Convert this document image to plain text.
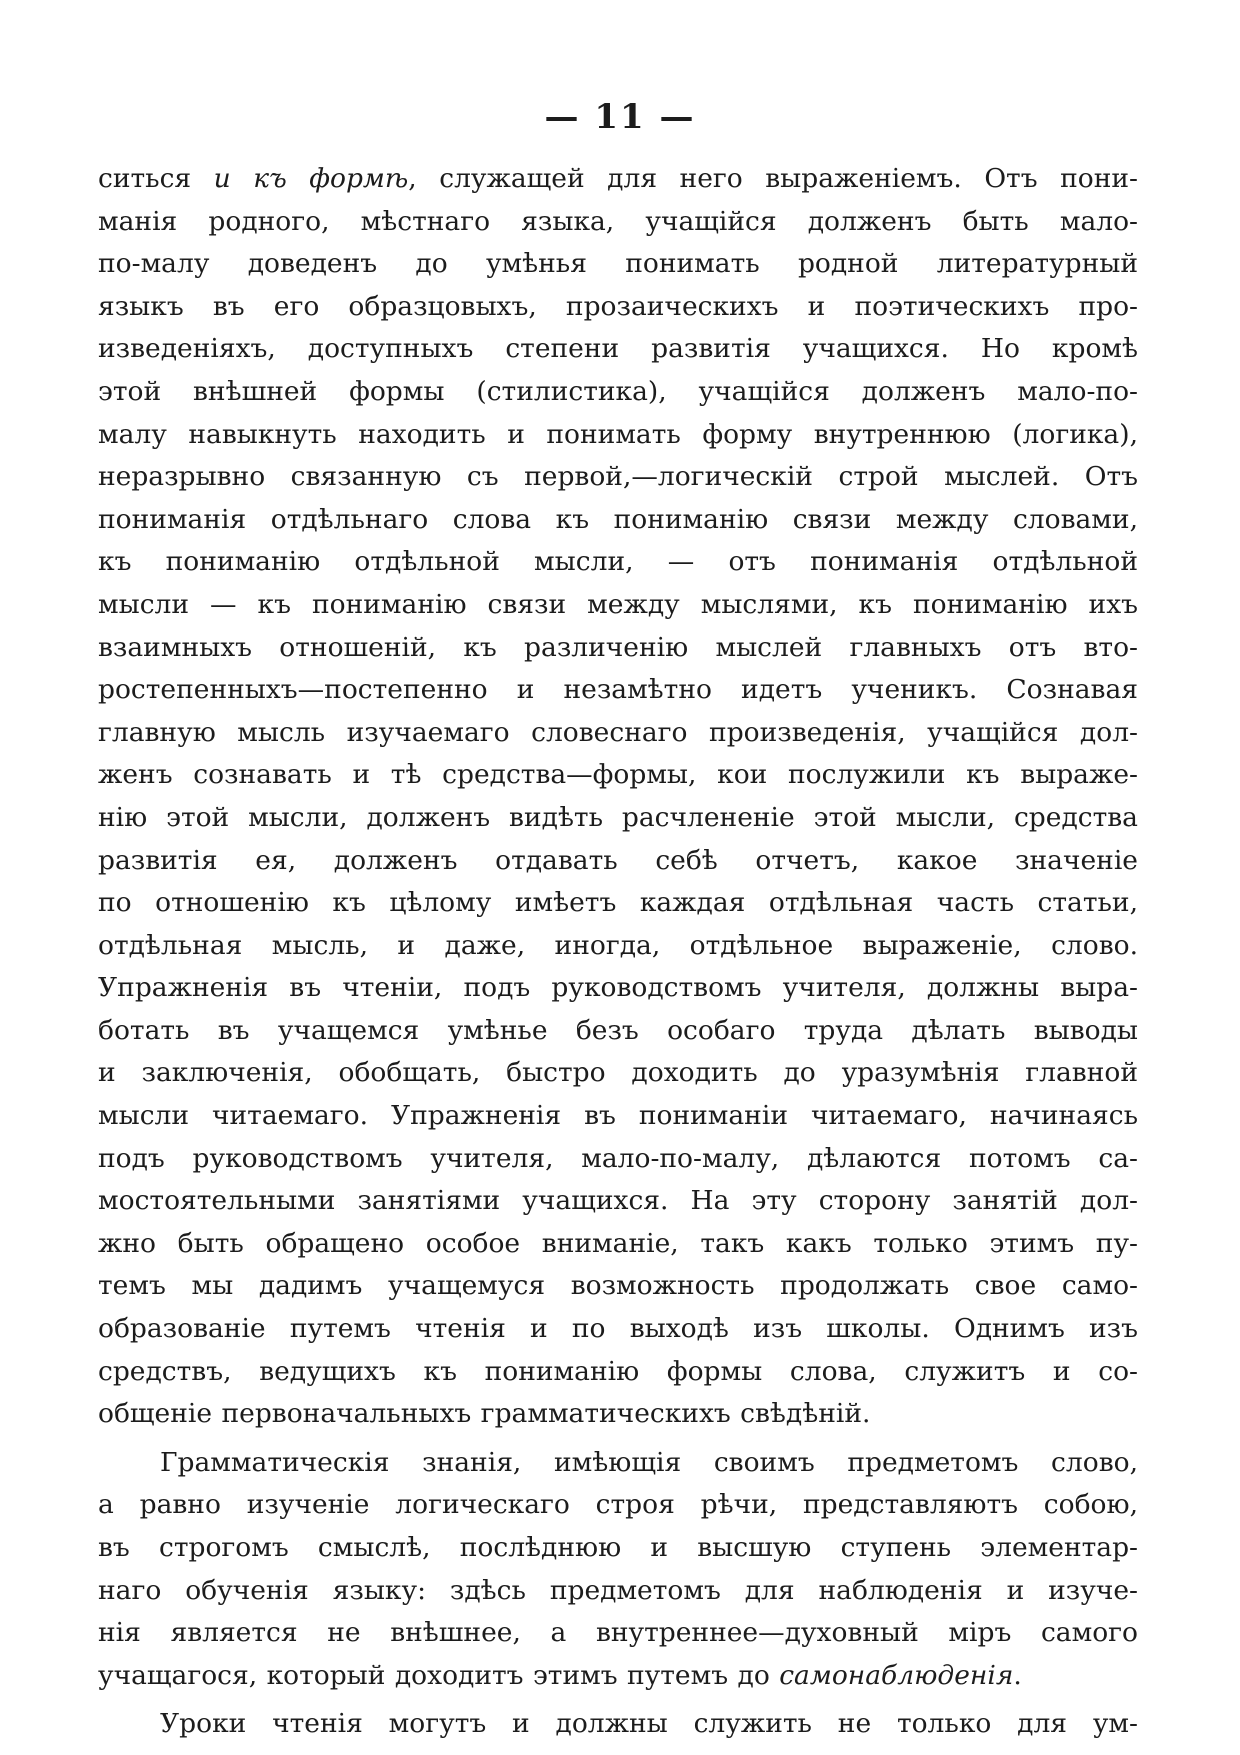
— 11 —
ситься и къ формѣ, служащей для него выраженіемъ. Отъ пони-
манія родного, мѣстнаго языка, учащійся долженъ быть мало-
по-малу доведенъ до умѣнья понимать родной литературный
языкъ въ его образцовыхъ, прозаическихъ и поэтическихъ про-
изведеніяхъ, доступныхъ степени развитія учащихся. Но кромѣ
этой внѣшней формы (стилистика), учащійся долженъ мало-по-
малу навыкнуть находить и понимать форму внутреннюю (логика),
неразрывно связанную съ первой,—логическій строй мыслей. Отъ
пониманія отдѣльнаго слова къ пониманію связи между словами,
къ пониманію отдѣльной мысли, — отъ пониманія отдѣльной
мысли — къ пониманію связи между мыслями, къ пониманію ихъ
взаимныхъ отношеній, къ различенію мыслей главныхъ отъ вто-
ростепенныхъ—постепенно и незамѣтно идетъ ученикъ. Сознавая
главную мысль изучаемаго словеснаго произведенія, учащійся дол-
женъ сознавать и тѣ средства—формы, кои послужили къ выраже-
нію этой мысли, долженъ видѣть расчлененіе этой мысли, средства
развитія ея, долженъ отдавать себѣ отчетъ, какое значеніе
по отношенію къ цѣлому имѣетъ каждая отдѣльная часть статьи,
отдѣльная мысль, и даже, иногда, отдѣльное выраженіе, слово.
Упражненія въ чтеніи, подъ руководствомъ учителя, должны выра-
ботать въ учащемся умѣнье безъ особаго труда дѣлать выводы
и заключенія, обобщать, быстро доходить до уразумѣнія главной
мысли читаемаго. Упражненія въ пониманіи читаемаго, начинаясь
подъ руководствомъ учителя, мало-по-малу, дѣлаются потомъ са-
мостоятельными занятіями учащихся. На эту сторону занятій дол-
жно быть обращено особое вниманіе, такъ какъ только этимъ пу-
темъ мы дадимъ учащемуся возможность продолжать свое само-
образованіе путемъ чтенія и по выходѣ изъ школы. Однимъ изъ
средствъ, ведущихъ къ пониманію формы слова, служитъ и со-
общеніе первоначальныхъ грамматическихъ свѣдѣній.
Грамматическія знанія, имѣющія своимъ предметомъ слово,
а равно изученіе логическаго строя рѣчи, представляютъ собою,
въ строгомъ смыслѣ, послѣднюю и высшую ступень элементар-
наго обученія языку: здѣсь предметомъ для наблюденія и изуче-
нія является не внѣшнее, а внутреннее—духовный міръ самого
учащагося, который доходитъ этимъ путемъ до самонаблюденія.
Уроки чтенія могутъ и должны служить не только для ум-
